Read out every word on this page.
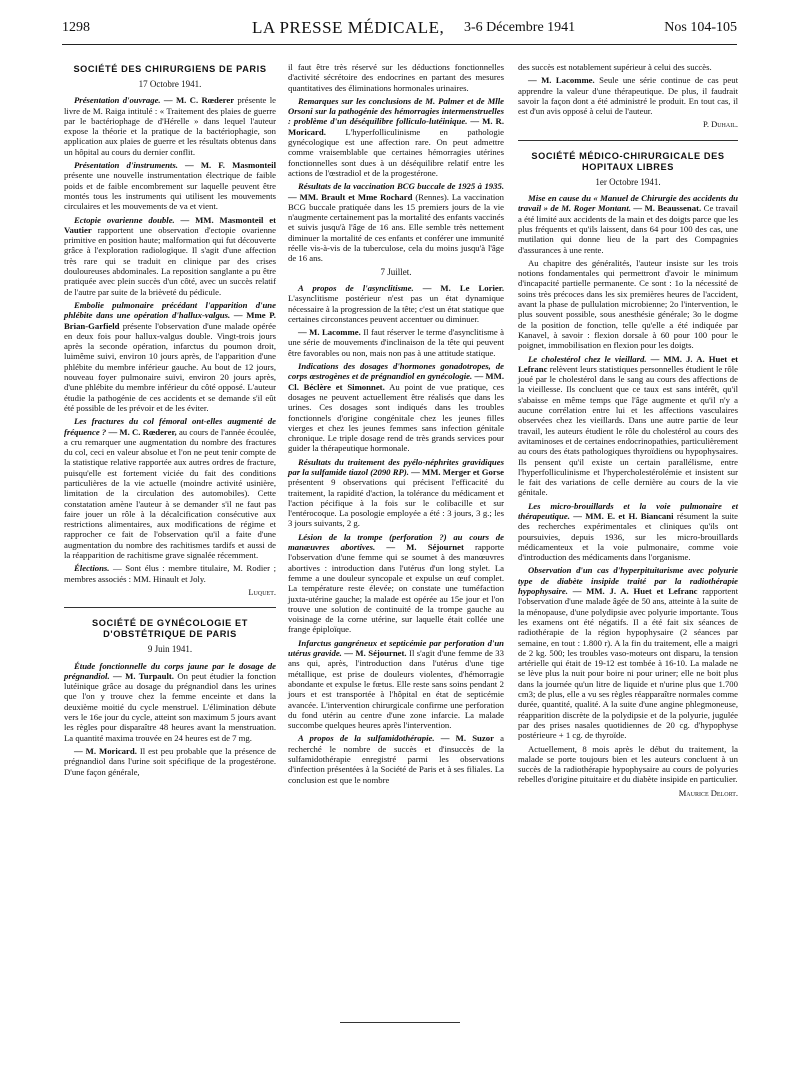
1298	LA PRESSE MÉDICALE, 3-6 Décembre 1941	Nos 104-105
SOCIÉTÉ DES CHIRURGIENS DE PARIS
17 Octobre 1941.

Présentation d'ouvrage. — M. C. Rœderer présente le livre de M. Raiga intitulé : « Traitement des plaies de guerre par le bactériophage de d'Hérelle » dans lequel l'auteur expose la théorie et la pratique de la bactériophagie, son application aux plaies de guerre et les résultats obtenus dans un hôpital au cours du dernier conflit.

Présentation d'instruments. — M. F. Masmonteil présente une nouvelle instrumentation électrique de faible poids et de faible encombrement sur laquelle peuvent être montés tous les instruments qui utilisent les mouvements circulaires et les mouvements de va et vient.

Ectopie ovarienne double. — MM. Masmonteil et Vautier rapportent une observation d'ectopie ovarienne primitive en position haute; malformation qui fut découverte grâce à l'exploration radiologique. Il s'agit d'une affection très rare qui se traduit en clinique par des crises douloureuses abdominales. La reposition sanglante a pu être pratiquée avec plein succès d'un côté, avec un succès relatif de l'autre par suite de la brièveté du pédicule.

Embolie pulmonaire précédant l'apparition d'une phlébite dans une opération d'hallux-valgus. — Mme P. Brian-Garfield présente l'observation d'une malade opérée en deux fois pour hallux-valgus double. Vingt-trois jours après la seconde opération, infarctus du poumon droit, luimême suivi, environ 10 jours après, de l'apparition d'une phlébite du membre inférieur gauche. Au bout de 12 jours, nouveau foyer pulmonaire suivi, environ 20 jours après, d'une phlébite du membre inférieur du côté opposé. L'auteur étudie la pathogénie de ces accidents et se demande s'il eût été possible de les prévoir et de les éviter.

Les fractures du col fémoral ont-elles augmenté de fréquence ? — M. C. Rœderer, au cours de l'année écoulée, a cru remarquer une augmentation du nombre des fractures du col, ceci en valeur absolue et l'on ne peut tenir compte de la statistique relative rapportée aux autres ordres de fracture, puisqu'elle est fortement viciée du fait des conditions particulières de la vie actuelle (moindre activité usinière, limitation de la circulation des automobiles). Cette constatation amène l'auteur à se demander s'il ne faut pas faire jouer un rôle à la décalcification consécutive aux restrictions alimentaires, aux modifications de régime et rapprocher ce fait de l'observation qu'il a faite d'une augmentation du nombre des rachitismes tardifs et aussi de la réapparition de rachitisme grave signalée récemment.

Élections. — Sont élus : membre titulaire, M. Rodier ; membres associés : MM. Hinault et Joly.

Luquet.
SOCIÉTÉ DE GYNÉCOLOGIE ET D'OBSTÉTRIQUE DE PARIS
9 Juin 1941.

Étude fonctionnelle du corps jaune par le dosage de prégnandiol. — M. Turpault. On peut étudier la fonction lutéinique grâce au dosage du prégnandiol dans les urines que l'on y trouve chez la femme enceinte et dans la deuxième moitié du cycle menstruel. L'élimination débute vers le 16e jour du cycle, atteint son maximum 5 jours avant les règles pour disparaître 48 heures avant la menstruation. La quantité maxima trouvée en 24 heures est de 7 mg.

— M. Moricard. Il est peu probable que la présence de prégnandiol dans l'urine soit spécifique de la progestérone. D'une façon générale,

il faut être très réservé sur les déductions fonctionnelles d'activité sécrétoire des endocrines en partant des mesures quantitatives des éliminations hormonales urinaires.

Remarques sur les conclusions de M. Palmer et de Mlle Orsoni sur la pathogénie des hémorragies intermenstruelles : problème d'un déséquilibre folliculo-lutéinique. — M. R. Moricard. L'hyperfolliculinisme en pathologie gynécologique est une affection rare. On peut admettre comme vraisemblable que certaines hémorragies utérines fonctionnelles sont dues à un déséquilibre relatif entre les actions de l'œstradiol et de la progestérone.

Résultats de la vaccination BCG buccale de 1925 à 1935. — MM. Brault et Mme Rochard (Rennes). La vaccination BCG buccale pratiquée dans les 15 premiers jours de la vie n'augmente certainement pas la mortalité des enfants vaccinés et suivis jusqu'à l'âge de 16 ans. Elle semble très nettement diminuer la mortalité de ces enfants et conférer une immunité réelle vis-à-vis de la tuberculose, cela du moins jusqu'à l'âge de 16 ans.

7 Juillet.

A propos de l'asynclitisme. — M. Le Lorier. L'asynclitisme postérieur n'est pas un état dynamique nécessaire à la progression de la tête; c'est un état statique que certaines circonstances peuvent accentuer ou diminuer.

— M. Lacomme. Il faut réserver le terme d'asynclitisme à une série de mouvements d'inclinaison de la tête qui peuvent être favorables ou non, mais non pas à une attitude statique.

Indications des dosages d'hormones gonadotropes, de corps œstrogènes et de prégnandiol en gynécologie. — MM. Cl. Béclère et Simonnet. Au point de vue pratique, ces dosages ne peuvent actuellement être réalisés que dans les urines. Ces dosages sont indiqués dans les troubles fonctionnels d'origine congénitale chez les jeunes filles vierges et chez les jeunes femmes sans infection génitale chronique. Le triple dosage rend de très grands services pour guider la thérapeutique hormonale.

Résultats du traitement des pyélo-néphrites gravidiques par la sulfamide tiazol (2090 RP). — MM. Merger et Gorse présentent 9 observations qui précisent l'efficacité du traitement, la rapidité d'action, la tolérance du médicament et l'action pécifique à la fois sur le colibacille et sur l'entérocoque. La posologie employée a été : 3 jours, 3 g.; les 3 jours suivants, 2 g.

Lésion de la trompe (perforation ?) au cours de manœuvres abortives. — M. Séjournet rapporte l'observation d'une femme qui se soumet à des manœuvres abortives : introduction dans l'utérus d'un long stylet. La femme a une douleur syncopale et expulse un œuf complet. La température reste élevée; on constate une tuméfaction juxta-utérine gauche; la malade est opérée au 15e jour et l'on trouve une solution de continuité de la trompe gauche au voisinage de la corne utérine, sur laquelle était collée une frange épiploïque.

Infarctus gangréneux et septicémie par perforation d'un utérus gravide. — M. Séjournet. Il s'agit d'une femme de 33 ans qui, après, l'introduction dans l'utérus d'une tige métallique, est prise de douleurs violentes, d'hémorragie abondante et expulse le fœtus. Elle reste sans soins pendant 2 jours et est transportée à l'hôpital en état de septicémie avancée. L'intervention chirurgicale confirme une perforation du fond utérin au centre d'une zone infarcie. La malade succombe quelques heures après l'intervention.

A propos de la sulfamidothérapie. — M. Suzor a recherché le nombre de succès et d'insuccès de la sulfamidothérapie enregistré parmi les observations d'infection présentées à la Société de Paris et à ses filiales. La conclusion est que le nombre

des succès est notablement supérieur à celui des succès.

— M. Lacomme. Seule une série continue de cas peut apprendre la valeur d'une thérapeutique. De plus, il faudrait savoir la façon dont a été administré le produit. En tout cas, il est d'un avis opposé à celui de l'auteur.

P. Duhail.
SOCIÉTÉ MÉDICO-CHIRURGICALE DES HOPITAUX LIBRES
1er Octobre 1941.

Mise en cause du « Manuel de Chirurgie des accidents du travail » de M. Roger Montant. — M. Beaussenat. Ce travail a été limité aux accidents de la main et des doigts parce que les plus fréquents et qu'ils laissent, dans 64 pour 100 des cas, une mutilation qui donne lieu de la part des Compagnies d'assurances à une rente.

Au chapitre des généralités, l'auteur insiste sur les trois notions fondamentales qui permettront d'avoir le minimum d'incapacité partielle permanente. Ce sont : 1o la nécessité de soins très précoces dans les six premières heures de l'accident, avant la phase de pullulation microbienne; 2o l'intervention, le plus souvent possible, sous anesthésie générale; 3o le dogme de la position de fonction, telle qu'elle a été indiquée par Kanavel, à savoir : flexion dorsale à 60 pour 100 pour le poignet, immobilisation en flexion pour les doigts.

Le cholestérol chez le vieillard. — MM. J. A. Huet et Lefranc relèvent leurs statistiques personnelles étudient le rôle joué par le cholestérol dans le sang au cours des affections de la vieillesse. Ils concluent que ce taux est sans intérêt, qu'il s'abaisse en même temps que l'âge augmente et qu'il n'y a aucune corrélation entre lui et les affections vasculaires observées chez les vieillards. Dans une autre partie de leur travail, les auteurs étudient le rôle du cholestérol au cours des avitaminoses et de certaines endocrinopathies, particulièrement au cours des états pathologiques thyroïdiens ou hypophysaires. Ils pensent qu'il existe un certain parallélisme, entre l'hyperfolliculinisme et l'hypercholestérolémie et insistent sur le fait des variations de celle dernière au cours de la vie génitale.

Les micro-brouillards et la voie pulmonaire et thérapeutique. — MM. E. et H. Biancani résument la suite des recherches expérimentales et cliniques qu'ils ont poursuivies, depuis 1936, sur les micro-brouillards médicamenteux et la voie pulmonaire, comme voie d'introduction des médicaments dans l'organisme.

Observation d'un cas d'hyperpituitarisme avec polyurie type de diabète insipide traité par la radiothérapie hypophysaire. — MM. J. A. Huet et Lefranc rapportent l'observation d'une malade âgée de 50 ans, atteinte à la suite de la ménopause, d'une polydipsie avec polyurie importante. Tous les examens ont été négatifs. Il a été fait six séances de radiothérapie de la région hypophysaire (2 séances par semaine, en tout : 1.800 r). A la fin du traitement, elle a maigri de 2 kg. 500; les troubles vaso-moteurs ont disparu, la tension artérielle qui était de 19-12 est tombée à 16-10. La malade ne se lève plus la nuit pour boire ni pour uriner; elle ne boit plus dans la journée qu'un litre de liquide et n'urine plus que 1.700 cm3; de plus, elle a vu ses règles réapparaître normales comme durée, quantité, qualité. A la suite d'une angine phlegmoneuse, réapparition discrète de la polydipsie et de la polyurie, jugulée par des prises nasales quotidiennes de 20 cg. d'hypophyse postérieure + 1 cg. de thyroïde.

Actuellement, 8 mois après le début du traitement, la malade se porte toujours bien et les auteurs concluent à un succès de la radiothérapie hypophysaire au cours de polyuries rebelles d'origine pituitaire et du diabète insipide en particulier.

Maurice Delort.
